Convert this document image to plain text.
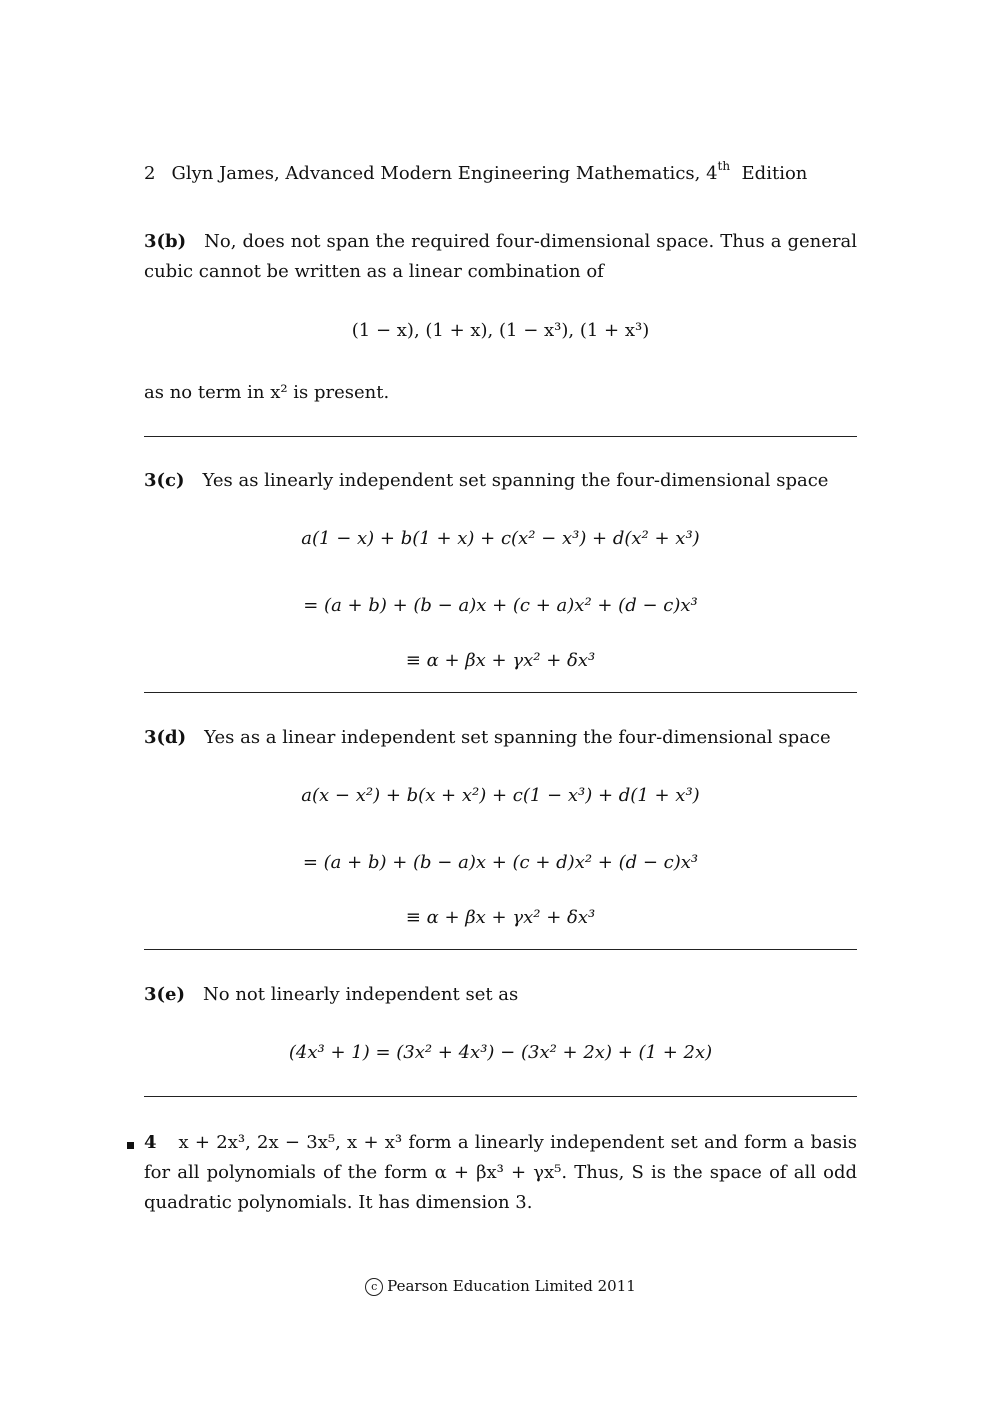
2 Glyn James, Advanced Modern Engineering Mathematics, 4th Edition
3(b) No, does not span the required four-dimensional space. Thus a general cubic cannot be written as a linear combination of
(1 − x), (1 + x), (1 − x³), (1 + x³)
as no term in x² is present.
3(c) Yes as linearly independent set spanning the four-dimensional space
a(1 − x) + b(1 + x) + c(x² − x³) + d(x² + x³)
= (a + b) + (b − a)x + (c + a)x² + (d − c)x³
≡ α + βx + γx² + δx³
3(d) Yes as a linear independent set spanning the four-dimensional space
a(x − x²) + b(x + x²) + c(1 − x³) + d(1 + x³)
= (a + b) + (b − a)x + (c + d)x² + (d − c)x³
≡ α + βx + γx² + δx³
3(e) No not linearly independent set as
(4x³ + 1) = (3x² + 4x³) − (3x² + 2x) + (1 + 2x)
4 x + 2x³, 2x − 3x⁵, x + x³ form a linearly independent set and form a basis for all polynomials of the form α + βx³ + γx⁵. Thus, S is the space of all odd quadratic polynomials. It has dimension 3.
c Pearson Education Limited 2011
